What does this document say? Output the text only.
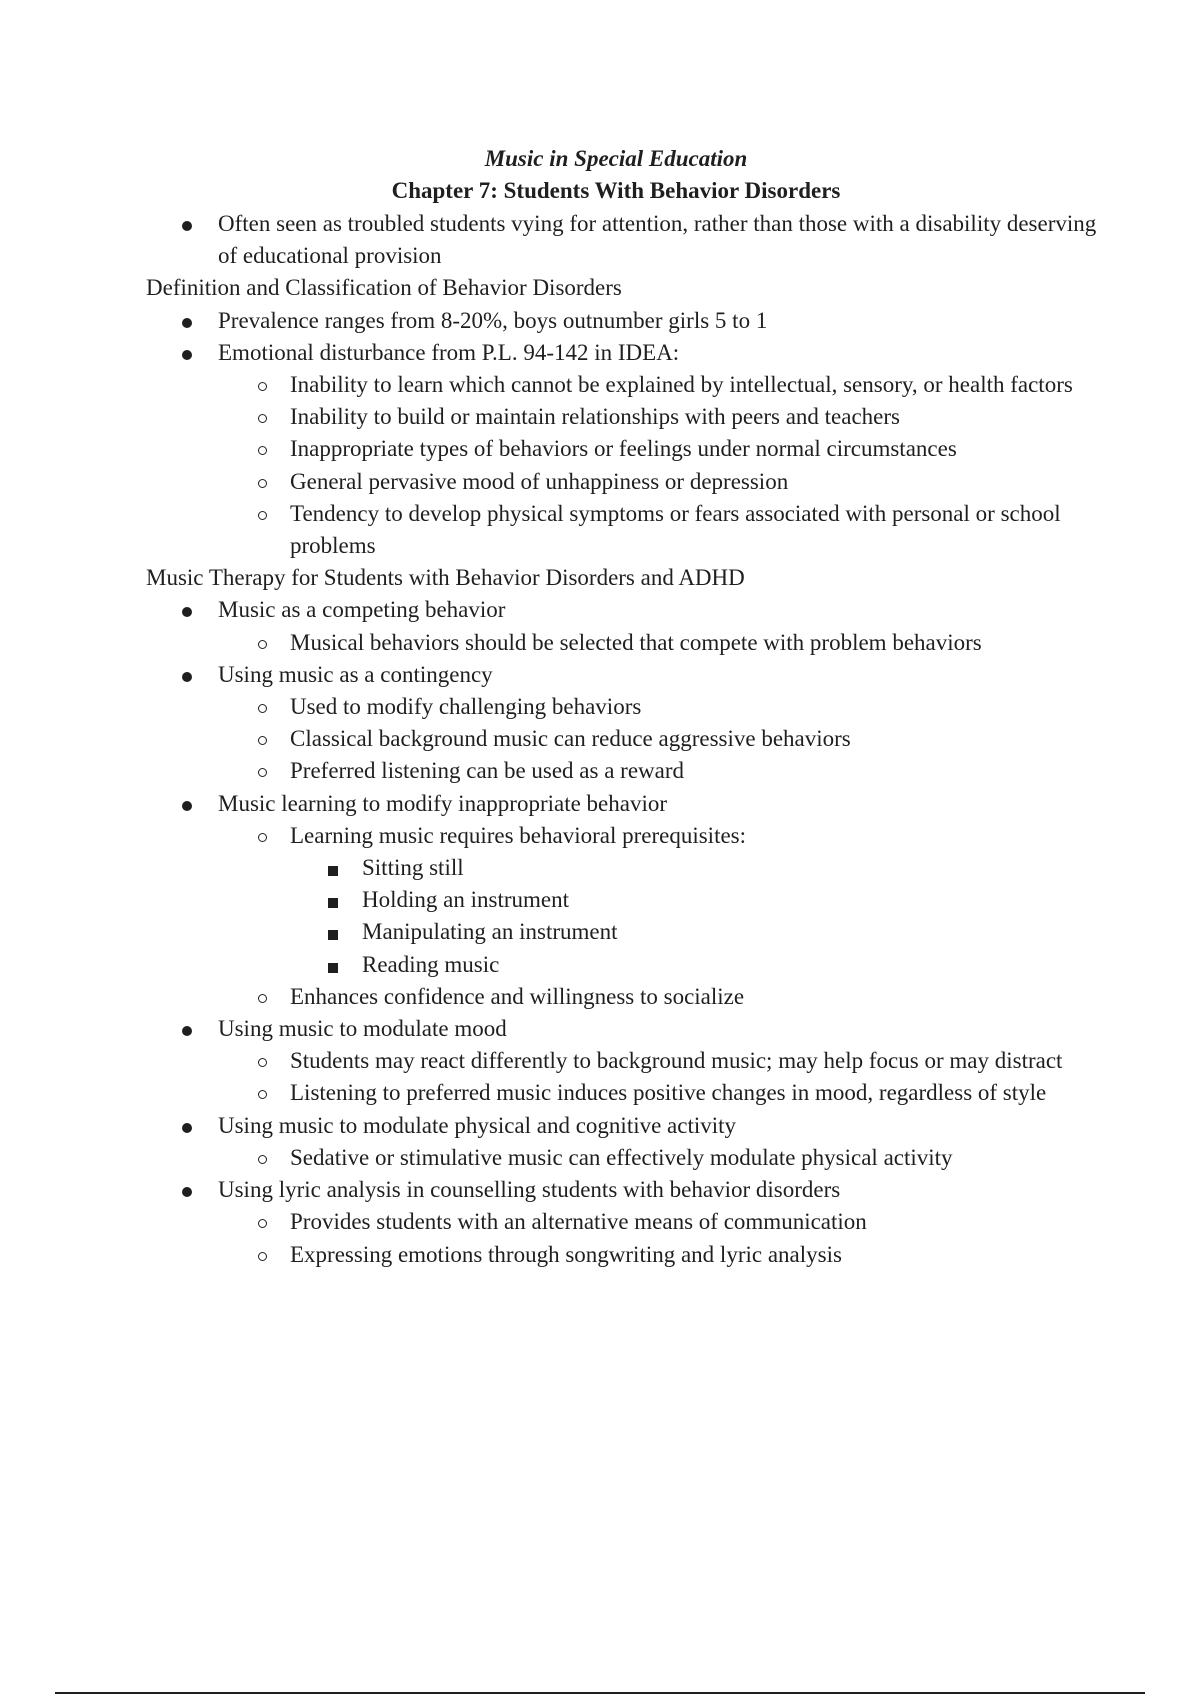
Music in Special Education
Chapter 7: Students With Behavior Disorders
Often seen as troubled students vying for attention, rather than those with a disability deserving of educational provision
Definition and Classification of Behavior Disorders
Prevalence ranges from 8-20%, boys outnumber girls 5 to 1
Emotional disturbance from P.L. 94-142 in IDEA:
Inability to learn which cannot be explained by intellectual, sensory, or health factors
Inability to build or maintain relationships with peers and teachers
Inappropriate types of behaviors or feelings under normal circumstances
General pervasive mood of unhappiness or depression
Tendency to develop physical symptoms or fears associated with personal or school problems
Music Therapy for Students with Behavior Disorders and ADHD
Music as a competing behavior
Musical behaviors should be selected that compete with problem behaviors
Using music as a contingency
Used to modify challenging behaviors
Classical background music can reduce aggressive behaviors
Preferred listening can be used as a reward
Music learning to modify inappropriate behavior
Learning music requires behavioral prerequisites:
Sitting still
Holding an instrument
Manipulating an instrument
Reading music
Enhances confidence and willingness to socialize
Using music to modulate mood
Students may react differently to background music; may help focus or may distract
Listening to preferred music induces positive changes in mood, regardless of style
Using music to modulate physical and cognitive activity
Sedative or stimulative music can effectively modulate physical activity
Using lyric analysis in counselling students with behavior disorders
Provides students with an alternative means of communication
Expressing emotions through songwriting and lyric analysis
